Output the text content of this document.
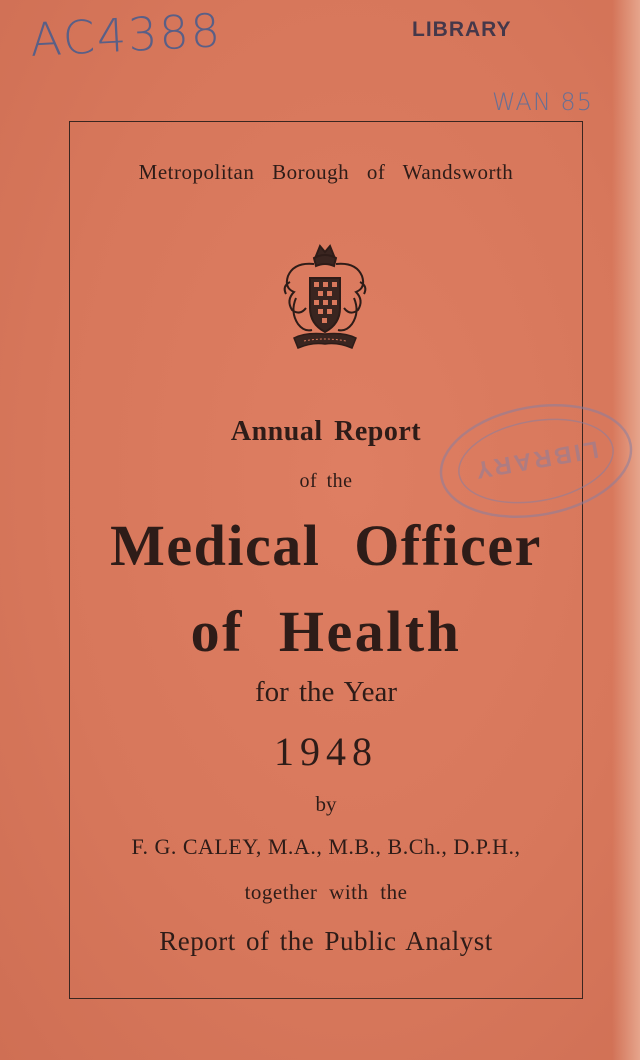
AC4388	LIBRARY
WAN 85
Metropolitan Borough of Wandsworth
LIBRARY
Annual Report
of the
Medical Officer
of Health
for the Year
1948
by
F. G. CALEY, M.A., M.B., B.Ch., D.P.H.,
together with the
Report of the Public Analyst
